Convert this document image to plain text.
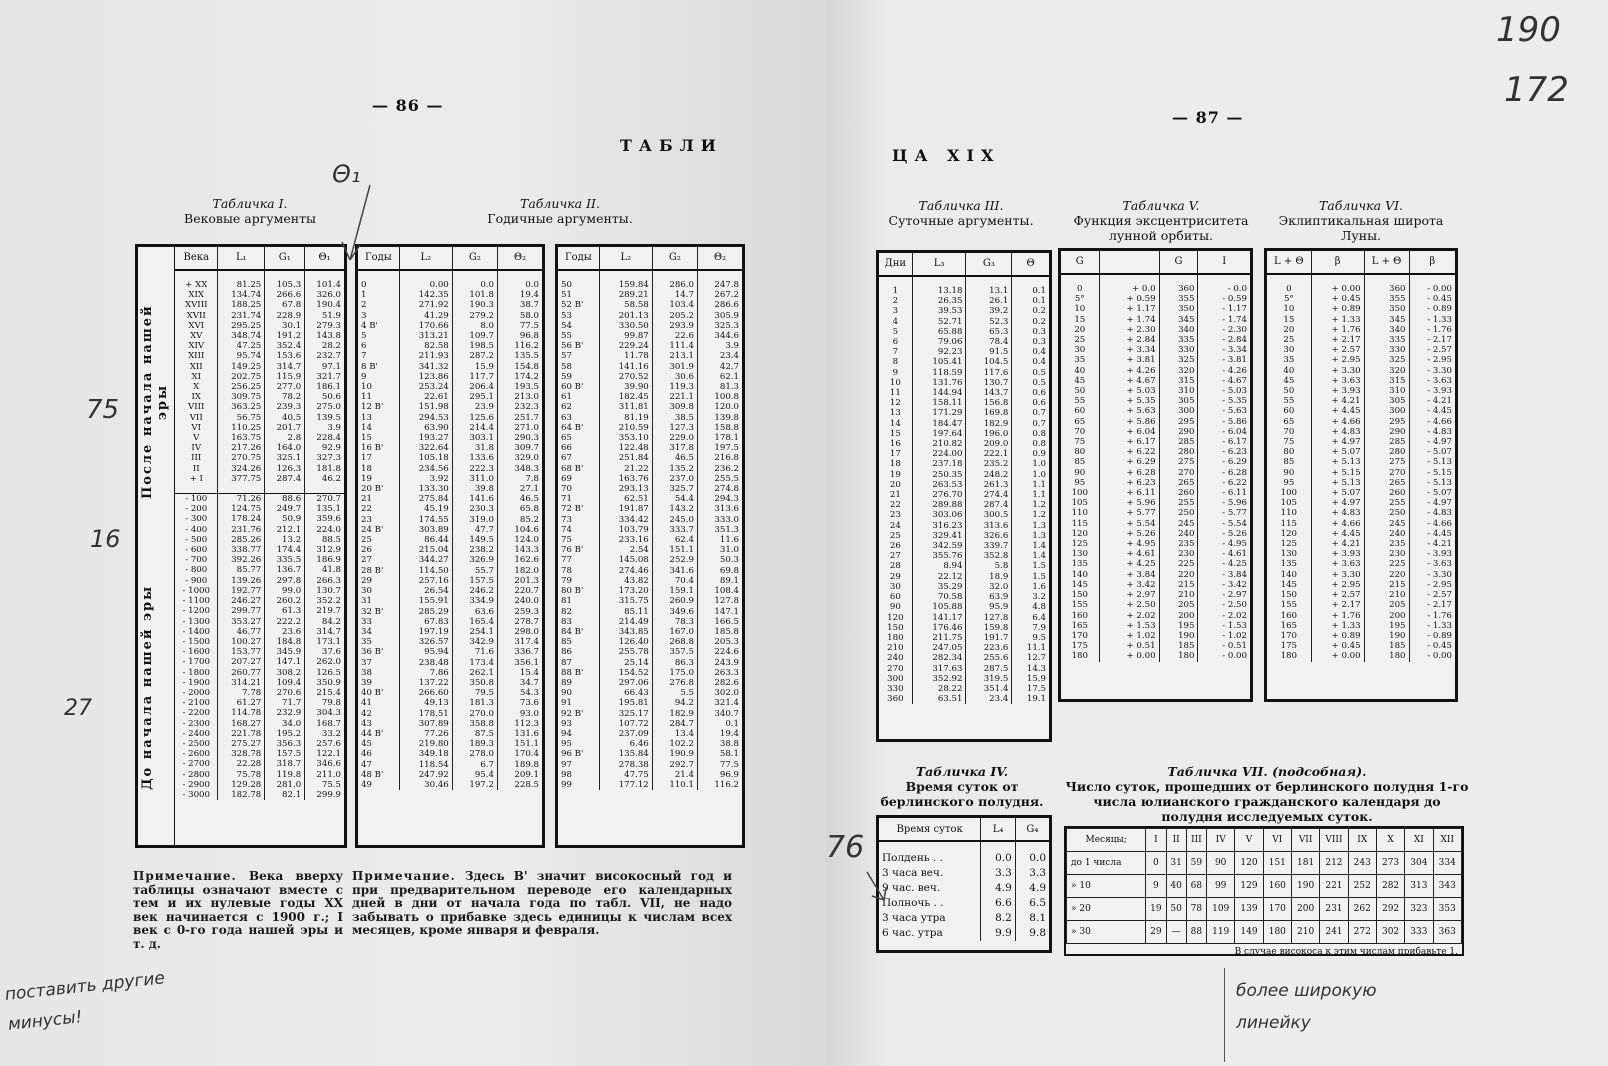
— 86 —
ТАБЛИ
Табличка I.
Вековые аргументы
Табличка II.
Годичные аргументы.
После начала нашей эры
До начала нашей эры
Века	L₁	G₁	Θ₁

+ XX	81.25	105.3	101.4
XIX	134.74	266.6	326.0
XVIII	188.25	67.8	190.4
XVII	231.74	228.9	51.9
XVI	295.25	30.1	279.3
XV	348.74	191.2	143.8
XIV	47.25	352.4	28.2
XIII	95.74	153.6	232.7
XII	149.25	314.7	97.1
XI	202.75	115.9	321.7
X	256.25	277.0	186.1
IX	309.75	78.2	50.6
VIII	363.25	239.3	275.0
VII	56.75	40.5	139.5
VI	110.25	201.7	3.9
V	163.75	2.8	228.4
IV	217.26	164.0	92.9
III	270.75	325.1	327.3
II	324.26	126.3	181.8
+ I	377.75	287.4	46.2

- 100	71.26	88.6	270.7
- 200	124.75	249.7	135.1
- 300	178.24	50.9	359.6
- 400	231.76	212.1	224.0
- 500	285.26	13.2	88.5
- 600	338.77	174.4	312.9
- 700	392.26	335.5	186.9
- 800	85.77	136.7	41.8
- 900	139.26	297.8	266.3
- 1000	192.77	99.0	130.7
- 1100	246.27	260.2	352.2
- 1200	299.77	61.3	219.7
- 1300	353.27	222.2	84.2
- 1400	46.77	23.6	314.7
- 1500	100.27	184.8	173.1
- 1600	153.77	345.9	37.6
- 1700	207.27	147.1	262.0
- 1800	260.77	308.2	126.5
- 1900	314.21	109.4	350.9
- 2000	7.78	270.6	215.4
- 2100	61.27	71.7	79.8
- 2200	114.78	232.9	304.3
- 2300	168.27	34.0	168.7
- 2400	221.78	195.2	33.2
- 2500	275.27	356.3	257.6
- 2600	328.78	157.5	122.1
- 2700	22.28	318.7	346.6
- 2800	75.78	119.8	211.0
- 2900	129.28	281.0	75.5
- 3000	182.78	82.1	299.9
Годы	L₂	G₂	Θ₂

0	0.00	0.0	0.0
1	142.35	101.8	19.4
2	271.92	190.3	38.7
3	41.29	279.2	58.0
4 B'	170.66	8.0	77.5
5	313.21	109.7	96.8
6	82.58	198.5	116.2
7	211.93	287.2	135.5
8 B'	341.32	15.9	154.8
9	123.86	117.7	174.2
10	253.24	206.4	193.5
11	22.61	295.1	213.0
12 B'	151.98	23.9	232.3
13	294.53	125.6	251.7
14	63.90	214.4	271.0
15	193.27	303.1	290.3
16 B'	322.64	31.8	309.7
17	105.18	133.6	329.0
18	234.56	222.3	348.3
19	3.92	311.0	7.8
20 B'	133.30	39.8	27.1
21	275.84	141.6	46.5
22	45.19	230.3	65.8
23	174.55	319.0	85.2
24 B'	303.89	47.7	104.6
25	86.44	149.5	124.0
26	215.04	238.2	143.3
27	344.27	326.9	162.6
28 B'	114.50	55.7	182.0
29	257.16	157.5	201.3
30	26.54	246.2	220.7
31	155.91	334.9	240.0
32 B'	285.29	63.6	259.3
33	67.83	165.4	278.7
34	197.19	254.1	298.0
35	326.57	342.9	317.4
36 B'	95.94	71.6	336.7
37	238.48	173.4	356.1
38	7.86	262.1	15.4
39	137.22	350.8	34.7
40 B'	266.60	79.5	54.3
41	49.13	181.3	73.6
42	178.51	270.0	93.0
43	307.89	358.8	112.3
44 B'	77.26	87.5	131.6
45	219.80	189.3	151.1
46	349.18	278.0	170.4
47	118.54	6.7	189.8
48 B'	247.92	95.4	209.1
49	30.46	197.2	228.5
Годы	L₂	G₂	Θ₂

50	159.84	286.0	247.8
51	289.21	14.7	267.2
52 B'	58.58	103.4	286.6
53	201.13	205.2	305.9
54	330.50	293.9	325.3
55	99.87	22.6	344.6
56 B'	229.24	111.4	3.9
57	11.78	213.1	23.4
58	141.16	301.9	42.7
59	270.52	30.6	62.1
60 B'	39.90	119.3	81.3
61	182.45	221.1	100.8
62	311.81	309.8	120.0
63	81.19	38.5	139.8
64 B'	210.59	127.3	158.8
65	353.10	229.0	178.1
66	122.48	317.8	197.5
67	251.84	46.5	216.8
68 B'	21.22	135.2	236.2
69	163.76	237.0	255.5
70	293.13	325.7	274.8
71	62.51	54.4	294.3
72 B'	191.87	143.2	313.6
73	334.42	245.0	333.0
74	103.79	333.7	351.3
75	233.16	62.4	11.6
76 B'	2.54	151.1	31.0
77	145.08	252.9	50.3
78	274.46	341.6	69.8
79	43.82	70.4	89.1
80 B'	173.20	159.1	108.4
81	315.75	260.9	127.8
82	85.11	349.6	147.1
83	214.49	78.3	166.5
84 B'	343.85	167.0	185.8
85	126.40	268.8	205.3
86	255.78	357.5	224.6
87	25.14	86.3	243.9
88 B'	154.52	175.0	263.3
89	297.06	276.8	282.6
90	66.43	5.5	302.0
91	195.81	94.2	321.4
92 B'	325.17	182.9	340.7
93	107.72	284.7	0.1
94	237.09	13.4	19.4
95	6.46	102.2	38.8
96 B'	135.84	190.9	58.1
97	278.38	292.7	77.5
98	47.75	21.4	96.9
99	177.12	110.1	116.2
Примечание. Века вверху таблицы означают вместе с тем и их нулевые годы XX век начинается с 1900 г.; I век с 0-го года нашей эры и т. д.
Примечание. Здесь B' значит високосный год и при предварительном переводе его календарных дней в дни от начала года по табл. VII, не надо забывать о прибавке здесь единицы к числам всех месяцев, кроме января и февраля.
Θ₁
75
16
27
поставить другие минусы!
— 87 —
ЦА XIX
190
172
Табличка III.
Суточные аргументы.
Табличка V.
Функция эксцентриситета лунной орбиты.
Табличка VI.
Эклиптикальная широта Луны.
Дни	L₃	G₃	Θ

1	13.18	13.1	0.1
2	26.35	26.1	0.1
3	39.53	39.2	0.2
4	52.71	52.3	0.2
5	65.88	65.3	0.3
6	79.06	78.4	0.3
7	92.23	91.5	0.4
8	105.41	104.5	0.4
9	118.59	117.6	0.5
10	131.76	130.7	0.5
11	144.94	143.7	0.6
12	158.11	156.8	0.6
13	171.29	169.8	0.7
14	184.47	182.9	0.7
15	197.64	196.0	0.8
16	210.82	209.0	0.8
17	224.00	222.1	0.9
18	237.18	235.2	1.0
19	250.35	248.2	1.0
20	263.53	261.3	1.1
21	276.70	274.4	1.1
22	289.88	287.4	1.2
23	303.06	300.5	1.2
24	316.23	313.6	1.3
25	329.41	326.6	1.3
26	342.59	339.7	1.4
27	355.76	352.8	1.4
28	8.94	5.8	1.5
29	22.12	18.9	1.5
30	35.29	32.0	1.6
60	70.58	63.9	3.2
90	105.88	95.9	4.8
120	141.17	127.8	6.4
150	176.46	159.8	7.9
180	211.75	191.7	9.5
210	247.05	223.6	11.1
240	282.34	255.6	12.7
270	317.63	287.5	14.3
300	352.92	319.5	15.9
330	28.22	351.4	17.5
360	63.51	23.4	19.1
G		G	I

0	+ 0.0	360	- 0.0
5°	+ 0.59	355	- 0.59
10	+ 1.17	350	- 1.17
15	+ 1.74	345	- 1.74
20	+ 2.30	340	- 2.30
25	+ 2.84	335	- 2.84
30	+ 3.34	330	- 3.34
35	+ 3.81	325	- 3.81
40	+ 4.26	320	- 4.26
45	+ 4.67	315	- 4.67
50	+ 5.03	310	- 5.03
55	+ 5.35	305	- 5.35
60	+ 5.63	300	- 5.63
65	+ 5.86	295	- 5.86
70	+ 6.04	290	- 6.04
75	+ 6.17	285	- 6.17
80	+ 6.22	280	- 6.23
85	+ 6.29	275	- 6.29
90	+ 6.28	270	- 6.28
95	+ 6.23	265	- 6.22
100	+ 6.11	260	- 6.11
105	+ 5.96	255	- 5.96
110	+ 5.77	250	- 5.77
115	+ 5.54	245	- 5.54
120	+ 5.26	240	- 5.26
125	+ 4.95	235	- 4.95
130	+ 4.61	230	- 4.61
135	+ 4.25	225	- 4.25
140	+ 3.84	220	- 3.84
145	+ 3.42	215	- 3.42
150	+ 2.97	210	- 2.97
155	+ 2.50	205	- 2.50
160	+ 2.02	200	- 2.02
165	+ 1.53	195	- 1.53
170	+ 1.02	190	- 1.02
175	+ 0.51	185	- 0.51
180	+ 0.00	180	- 0.00
L + Θ	β	L + Θ	β

0	+ 0.00	360	- 0.00
5°	+ 0.45	355	- 0.45
10	+ 0.89	350	- 0.89
15	+ 1.33	345	- 1.33
20	+ 1.76	340	- 1.76
25	+ 2.17	335	- 2.17
30	+ 2.57	330	- 2.57
35	+ 2.95	325	- 2.95
40	+ 3.30	320	- 3.30
45	+ 3.63	315	- 3.63
50	+ 3.93	310	- 3.93
55	+ 4.21	305	- 4.21
60	+ 4.45	300	- 4.45
65	+ 4.66	295	- 4.66
70	+ 4.83	290	- 4.83
75	+ 4.97	285	- 4.97
80	+ 5.07	280	- 5.07
85	+ 5.13	275	- 5.13
90	+ 5.15	270	- 5.15
95	+ 5.13	265	- 5.13
100	+ 5.07	260	- 5.07
105	+ 4.97	255	- 4.97
110	+ 4.83	250	- 4.83
115	+ 4.66	245	- 4.66
120	+ 4.45	240	- 4.45
125	+ 4.21	235	- 4.21
130	+ 3.93	230	- 3.93
135	+ 3.63	225	- 3.63
140	+ 3.30	220	- 3.30
145	+ 2.95	215	- 2.95
150	+ 2.57	210	- 2.57
155	+ 2.17	205	- 2.17
160	+ 1.76	200	- 1.76
165	+ 1.33	195	- 1.33
170	+ 0.89	190	- 0.89
175	+ 0.45	185	- 0.45
180	+ 0.00	180	- 0.00
Табличка IV.
Время суток от берлинского полудня.
Время суток	L₄	G₄

Полдень . .	0.0	0.0
3 часа веч.	3.3	3.3
9 час. веч.	4.9	4.9
Полночь . .	6.6	6.5
3 часа утра	8.2	8.1
6 час. утра	9.9	9.8
Табличка VII. (подсобная).
Число суток, прошедших от берлинского полудня 1-го числа юлианского гражданского календаря до полудня исследуемых суток.
Месяцы;	I	II	III	IV	V	VI	VII	VIII	IX	X	XI	XII
до 1 числа	0	31	59	90	120	151	181	212	243	273	304	334
» 10	9	40	68	99	129	160	190	221	252	282	313	343
» 20	19	50	78	109	139	170	200	231	262	292	323	353
» 30	29	—	88	119	149	180	210	241	272	302	333	363
В случае високоса к этим числам прибавьте 1.
76
более широкую линейку
